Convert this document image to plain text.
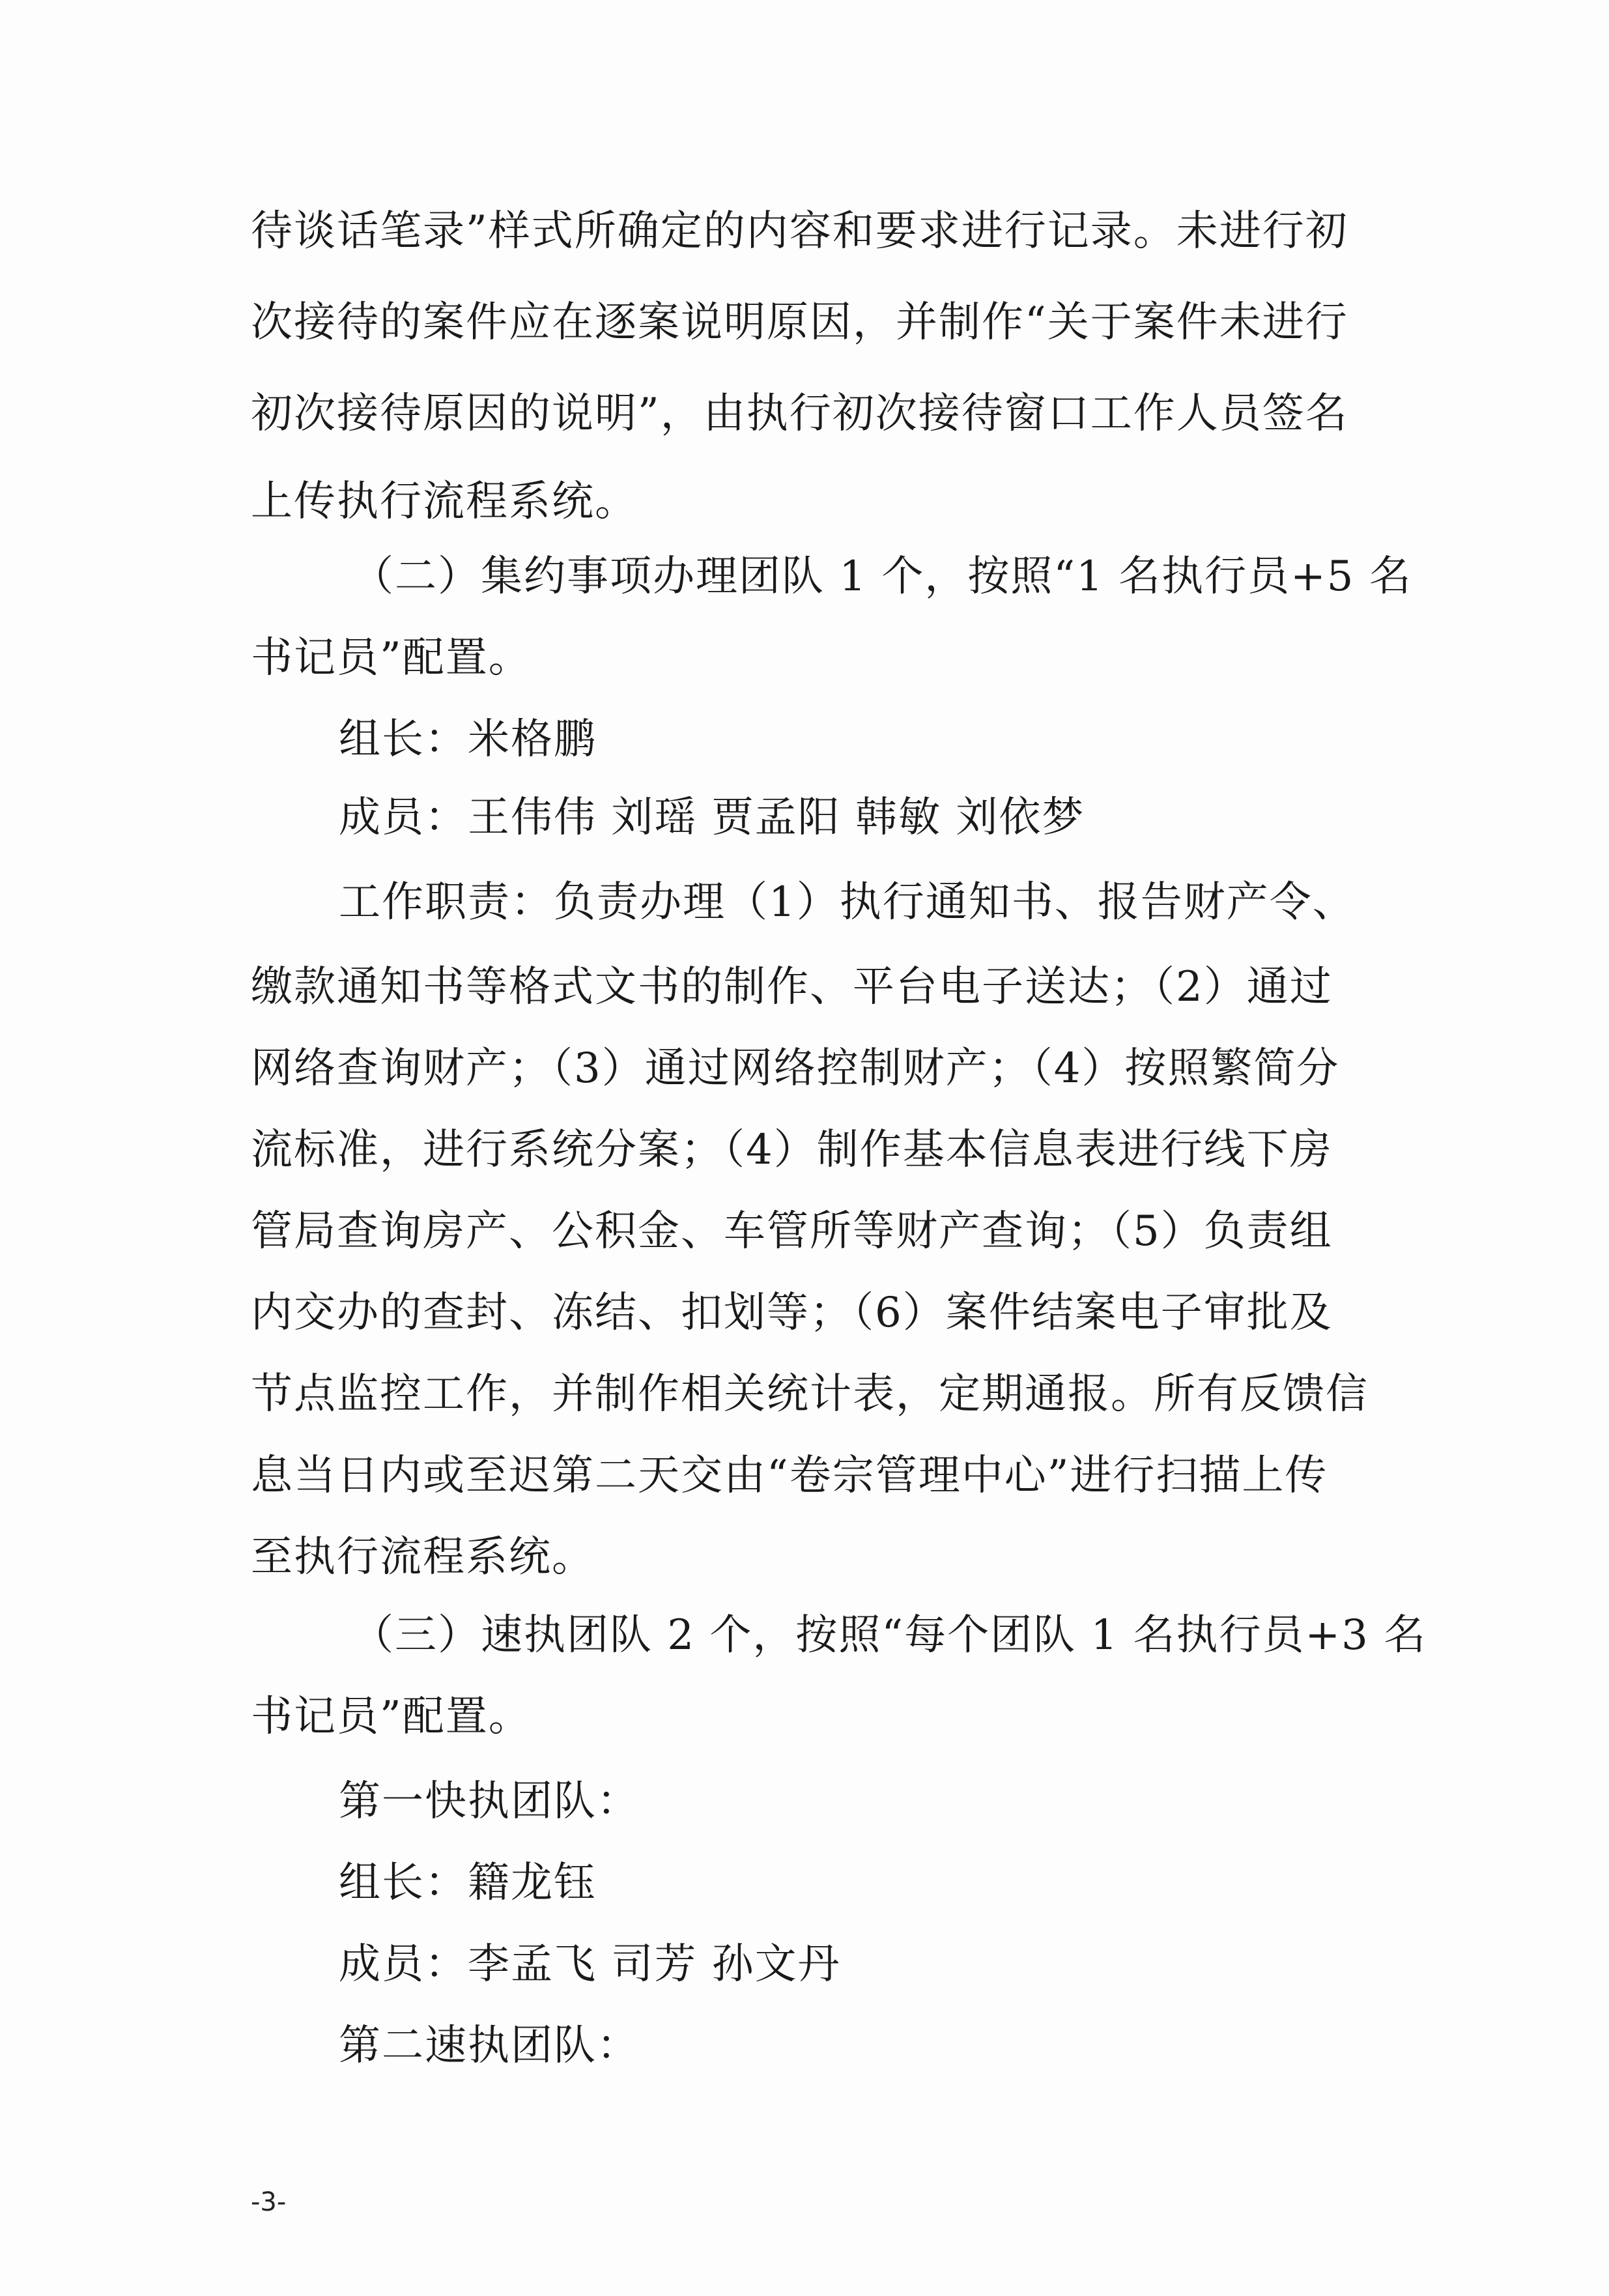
待谈话笔录”样式所确定的内容和要求进行记录。未进行初
次接待的案件应在逐案说明原因，并制作“关于案件未进行
初次接待原因的说明”，由执行初次接待窗口工作人员签名
上传执行流程系统。
（二）集约事项办理团队 1 个，按照“1 名执行员+5 名
书记员”配置。
组长：米格鹏
成员：王伟伟 刘瑶 贾孟阳 韩敏 刘依梦
工作职责：负责办理（1）执行通知书、报告财产令、
缴款通知书等格式文书的制作、平台电子送达；（2）通过
网络查询财产；（3）通过网络控制财产；（4）按照繁简分
流标准，进行系统分案；（4）制作基本信息表进行线下房
管局查询房产、公积金、车管所等财产查询；（5）负责组
内交办的查封、冻结、扣划等；（6）案件结案电子审批及
节点监控工作，并制作相关统计表，定期通报。所有反馈信
息当日内或至迟第二天交由“卷宗管理中心”进行扫描上传
至执行流程系统。
（三）速执团队 2 个，按照“每个团队 1 名执行员+3 名
书记员”配置。
第一快执团队：
组长：籍龙钰
成员：李孟飞 司芳 孙文丹
第二速执团队：
-3-
